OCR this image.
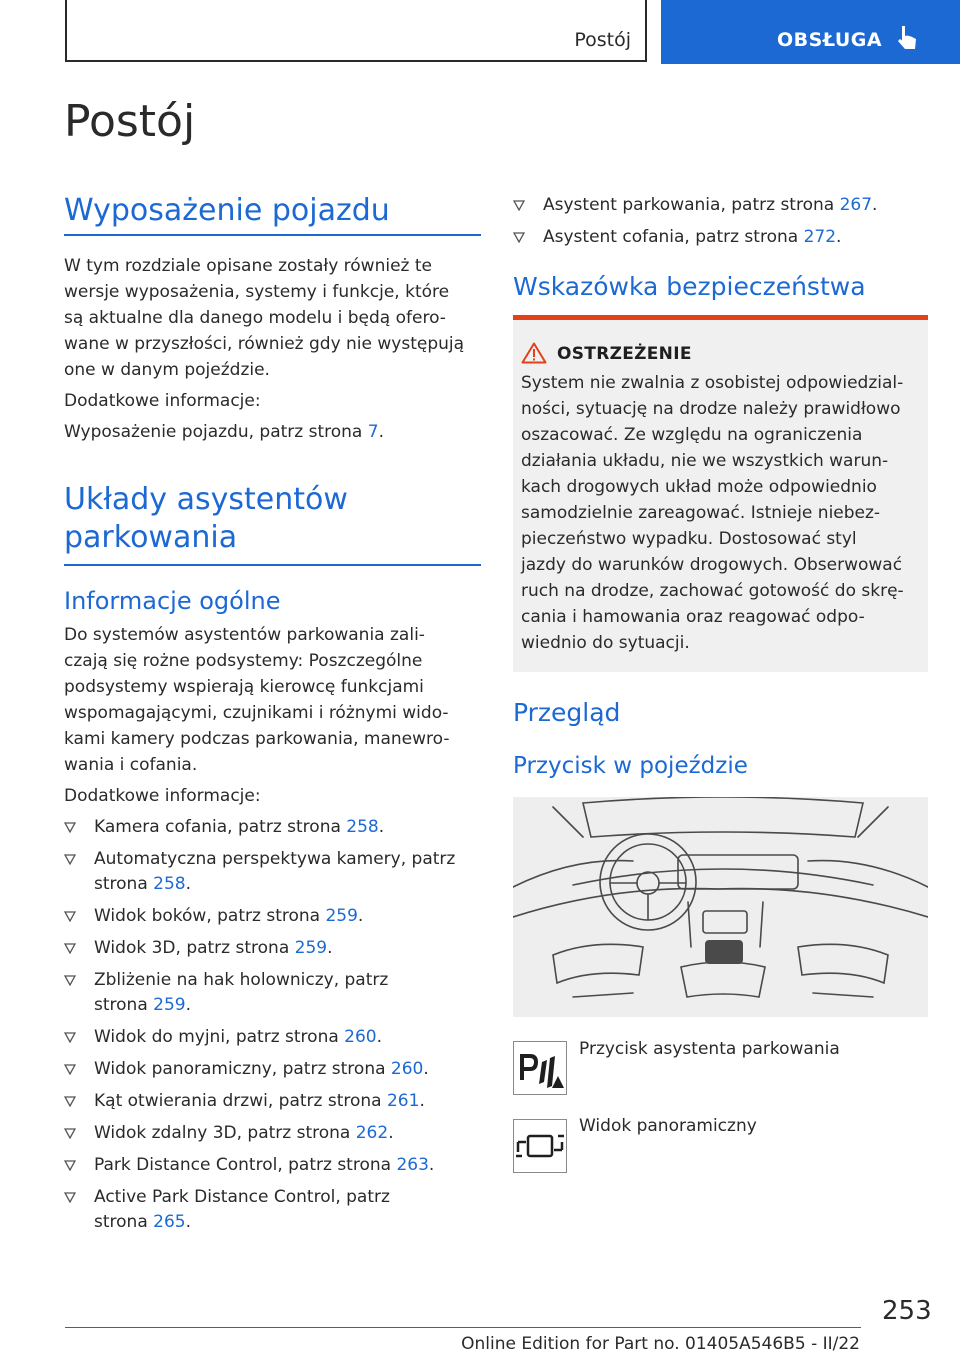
Postój	OBSŁUGA
Postój
Wyposażenie pojazdu
W tym rozdziale opisane zostały również te
wersje wyposażenia, systemy i funkcje, które
są aktualne dla danego modelu i będą ofero-
wane w przyszłości, również gdy nie występują
one w danym pojeździe.
Dodatkowe informacje:
Wyposażenie pojazdu, patrz strona 7.
Układy asystentów
parkowania
Informacje ogólne
Do systemów asystentów parkowania zali-
czają się rożne podsystemy: Poszczególne
podsystemy wspierają kierowcę funkcjami
wspomagającymi, czujnikami i różnymi wido-
kami kamery podczas parkowania, manewro-
wania i cofania.
Dodatkowe informacje:
Kamera cofania, patrz strona 258.
Automatyczna perspektywa kamery, patrz
strona 258.
Widok boków, patrz strona 259.
Widok 3D, patrz strona 259.
Zbliżenie na hak holowniczy, patrz
strona 259.
Widok do myjni, patrz strona 260.
Widok panoramiczny, patrz strona 260.
Kąt otwierania drzwi, patrz strona 261.
Widok zdalny 3D, patrz strona 262.
Park Distance Control, patrz strona 263.
Active Park Distance Control, patrz
strona 265.
Asystent parkowania, patrz strona 267.
Asystent cofania, patrz strona 272.
Wskazówka bezpieczeństwa
OSTRZEŻENIE
System nie zwalnia z osobistej odpowiedzial-
ności, sytuację na drodze należy prawidłowo
oszacować. Ze względu na ograniczenia
działania układu, nie we wszystkich warun-
kach drogowych układ może odpowiednio
samodzielnie zareagować. Istnieje niebez-
pieczeństwo wypadku. Dostosować styl
jazdy do warunków drogowych. Obserwować
ruch na drodze, zachować gotowość do skrę-
cania i hamowania oraz reagować odpo-
wiednio do sytuacji.
Przegląd
Przycisk w pojeździe
Przycisk asystenta parkowania
Widok panoramiczny
253
Online Edition for Part no. 01405A546B5 - II/22
